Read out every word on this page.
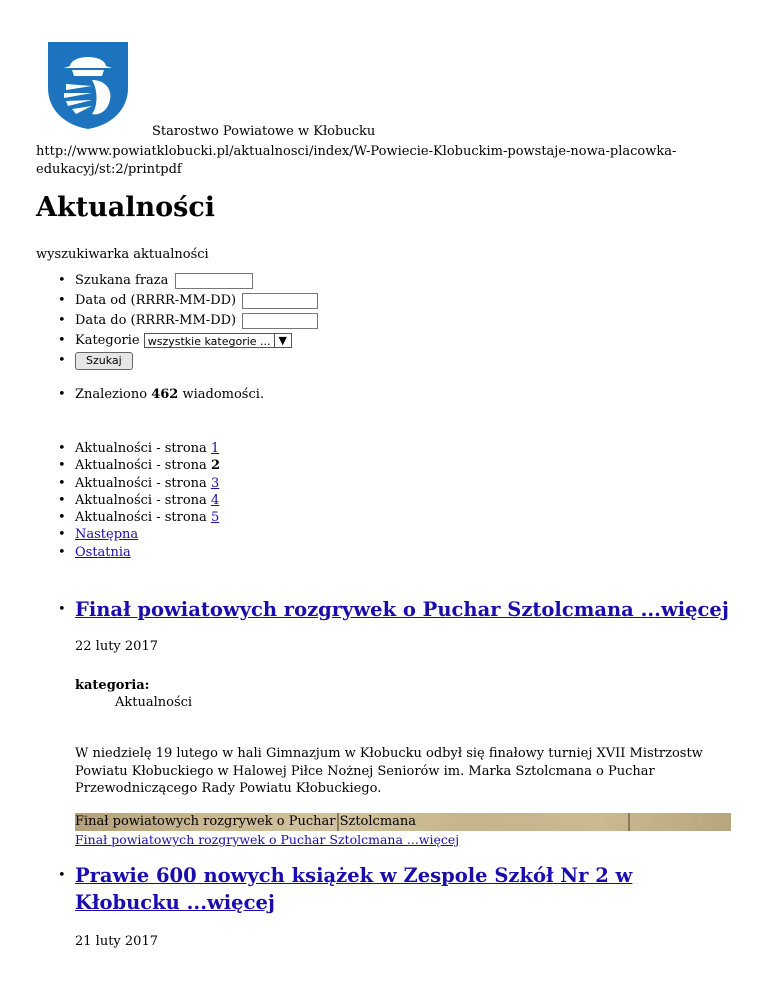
Starostwo Powiatowe w Kłobucku
http://www.powiatklobucki.pl/aktualnosci/index/W-Powiecie-Klobuckim-powstaje-nowa-placowka-edukacyj/st:2/printpdf
Aktualności
wyszukiwarka aktualności
• Szukana fraza
• Data od (RRRR-MM-DD)
• Data do (RRRR-MM-DD)
• Kategorie wszystkie kategorie ... ▼
• Szukaj
• Znaleziono 462 wiadomości.
• Aktualności - strona 1
• Aktualności - strona 2
• Aktualności - strona 3
• Aktualności - strona 4
• Aktualności - strona 5
• Następna
• Ostatnia
• Finał powiatowych rozgrywek o Puchar Sztolcmana ...więcej
22 luty 2017
kategoria:
Aktualności
W niedzielę 19 lutego w hali Gimnazjum w Kłobucku odbył się finałowy turniej XVII Mistrzostw Powiatu Kłobuckiego w Halowej Piłce Nożnej Seniorów im. Marka Sztolcmana o Puchar Przewodniczącego Rady Powiatu Kłobuckiego.
Finał powiatowych rozgrywek o Puchar Sztolcmana
Finał powiatowych rozgrywek o Puchar Sztolcmana ...więcej
• Prawie 600 nowych książek w Zespole Szkół Nr 2 w Kłobucku ...więcej
21 luty 2017
